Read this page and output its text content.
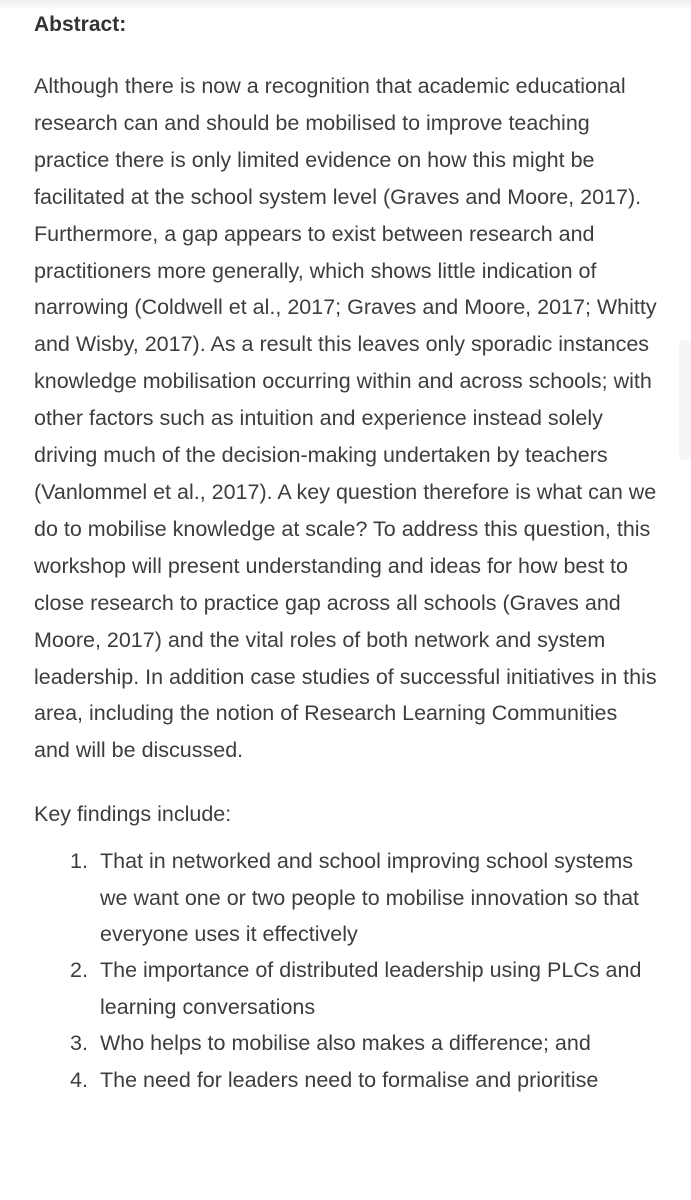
Abstract:

Although there is now a recognition that academic educational research can and should be mobilised to improve teaching practice there is only limited evidence on how this might be facilitated at the school system level (Graves and Moore, 2017). Furthermore, a gap appears to exist between research and practitioners more generally, which shows little indication of narrowing (Coldwell et al., 2017; Graves and Moore, 2017; Whitty and Wisby, 2017). As a result this leaves only sporadic instances knowledge mobilisation occurring within and across schools; with other factors such as intuition and experience instead solely driving much of the decision-making undertaken by teachers (Vanlommel et al., 2017). A key question therefore is what can we do to mobilise knowledge at scale? To address this question, this workshop will present understanding and ideas for how best to close research to practice gap across all schools (Graves and Moore, 2017) and the vital roles of both network and system leadership. In addition case studies of successful initiatives in this area, including the notion of Research Learning Communities and will be discussed.

Key findings include:

1. That in networked and school improving school systems we want one or two people to mobilise innovation so that everyone uses it effectively
2. The importance of distributed leadership using PLCs and learning conversations
3. Who helps to mobilise also makes a difference; and
4. The need for leaders need to formalise and prioritise
